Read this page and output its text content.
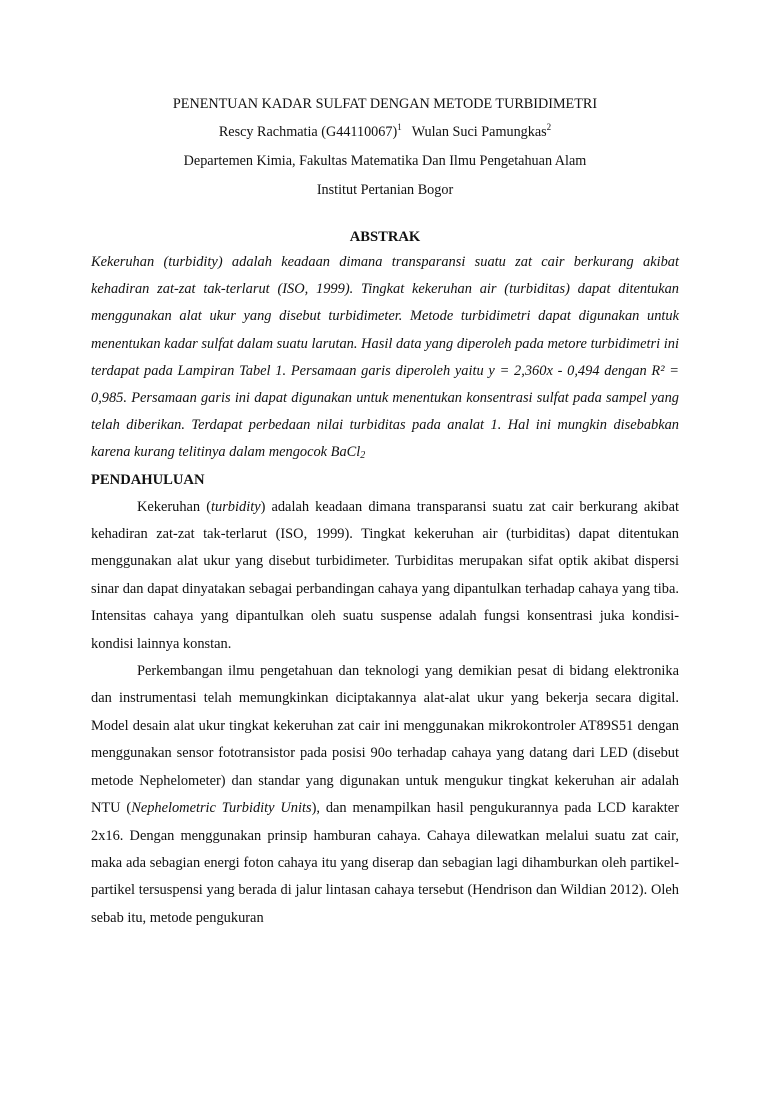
PENENTUAN KADAR SULFAT DENGAN METODE TURBIDIMETRI
Rescy Rachmatia $(G44110067)^1$ Wulan Suci Pamungkas$^2$
Departemen Kimia, Fakultas Matematika Dan Ilmu Pengetahuan Alam
Institut Pertanian Bogor
ABSTRAK

Kekeruhan (turbidity) adalah keadaan dimana transparansi suatu zat cair berkurang akibat kehadiran zat-zat tak-terlarut (ISO, 1999). Tingkat kekeruhan air (turbiditas) dapat ditentukan menggunakan alat ukur yang disebut turbidimeter. Metode turbidimetri dapat digunakan untuk menentukan kadar sulfat dalam suatu larutan. Hasil data yang diperoleh pada metore turbidimetri ini terdapat pada Lampiran Tabel 1. Persamaan garis diperoleh yaitu y = 2,360x - 0,494 dengan R² = 0,985. Persamaan garis ini dapat digunakan untuk menentukan konsentrasi sulfat pada sampel yang telah diberikan. Terdapat perbedaan nilai turbiditas pada analat 1. Hal ini mungkin disebabkan karena kurang telitinya dalam mengocok BaCl$_2$

PENDAHULUAN

Kekeruhan (turbidity) adalah keadaan dimana transparansi suatu zat cair berkurang akibat kehadiran zat-zat tak-terlarut (ISO, 1999). Tingkat kekeruhan air (turbiditas) dapat ditentukan menggunakan alat ukur yang disebut turbidimeter. Turbiditas merupakan sifat optik akibat dispersi sinar dan dapat dinyatakan sebagai perbandingan cahaya yang dipantulkan terhadap cahaya yang tiba. Intensitas cahaya yang dipantulkan oleh suatu suspense adalah fungsi konsentrasi juka kondisi-kondisi lainnya konstan.

Perkembangan ilmu pengetahuan dan teknologi yang demikian pesat di bidang elektronika dan instrumentasi telah memungkinkan diciptakannya alat-alat ukur yang bekerja secara digital. Model desain alat ukur tingkat kekeruhan zat cair ini menggunakan mikrokontroler AT89S51 dengan menggunakan sensor fototransistor pada posisi 90o terhadap cahaya yang datang dari LED (disebut metode Nephelometer) dan standar yang digunakan untuk mengukur tingkat kekeruhan air adalah NTU (Nephelometric Turbidity Units), dan menampilkan hasil pengukurannya pada LCD karakter 2x16. Dengan menggunakan prinsip hamburan cahaya. Cahaya dilewatkan melalui suatu zat cair, maka ada sebagian energi foton cahaya itu yang diserap dan sebagian lagi dihamburkan oleh partikel-partikel tersuspensi yang berada di jalur lintasan cahaya tersebut (Hendrison dan Wildian 2012). Oleh sebab itu, metode pengukuran
